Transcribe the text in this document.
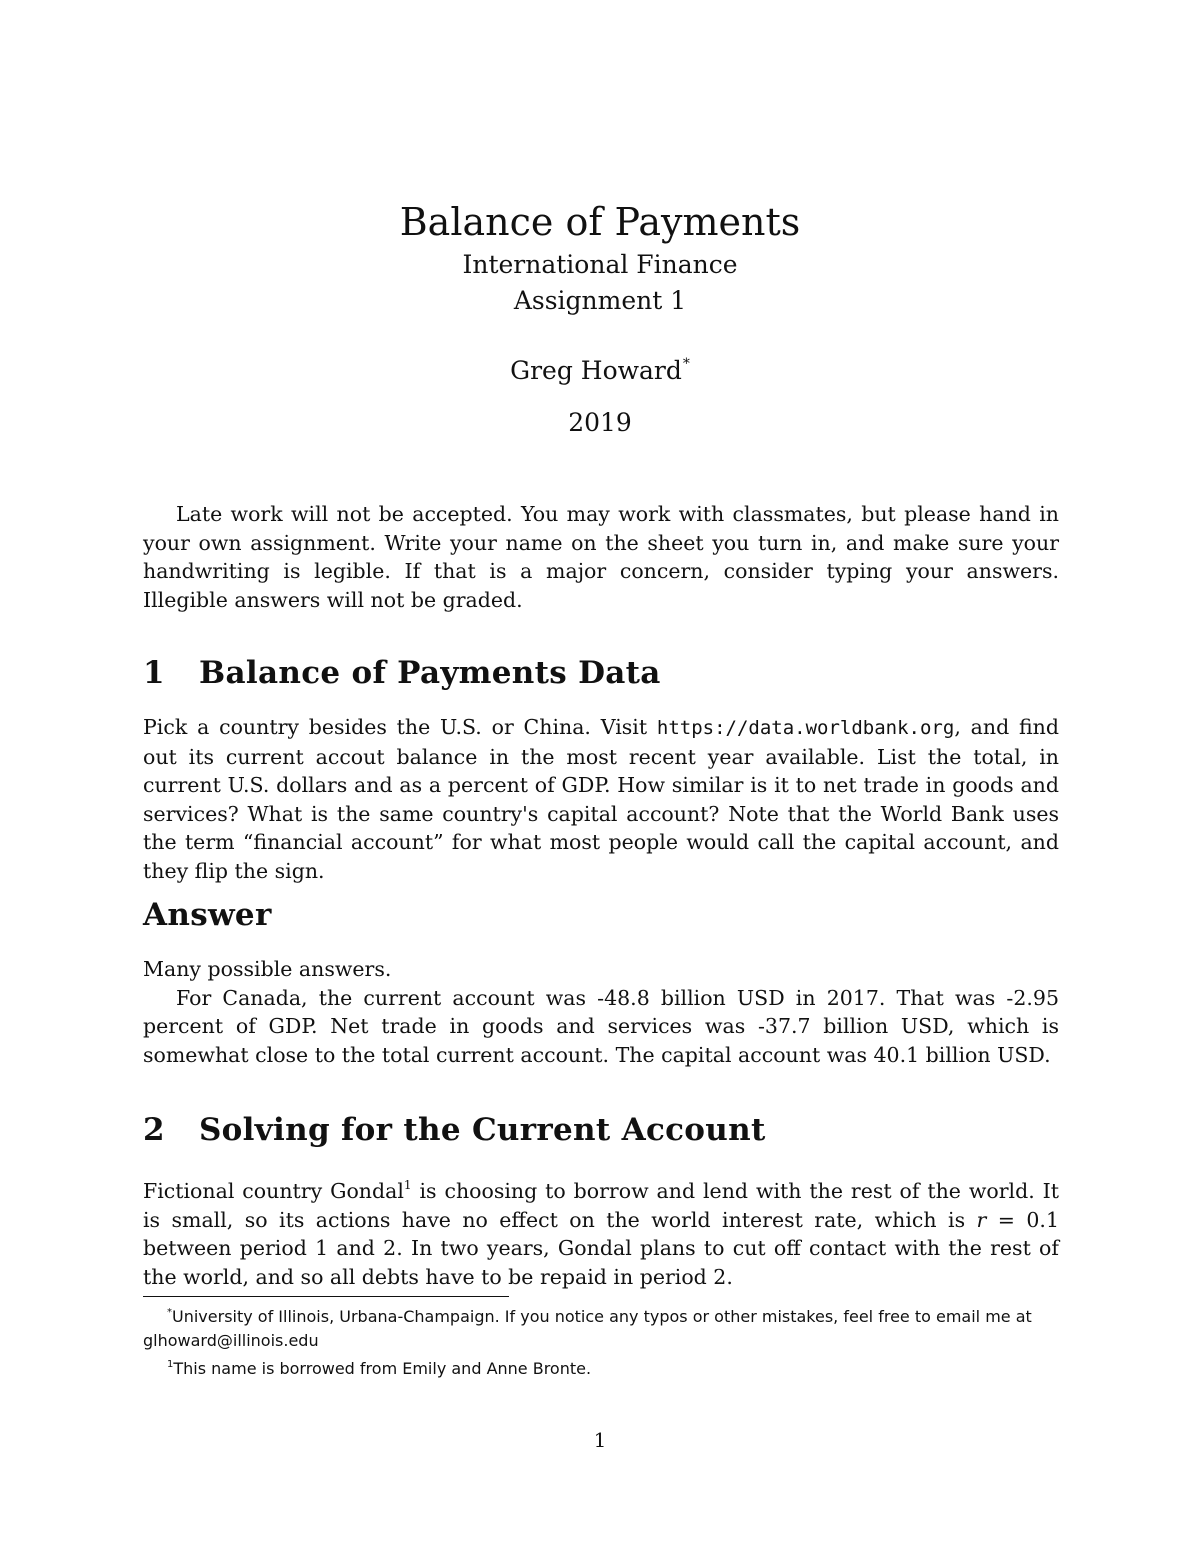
Balance of Payments
International Finance
Assignment 1
Greg Howard*
2019

Late work will not be accepted. You may work with classmates, but please hand in your own assignment. Write your name on the sheet you turn in, and make sure your handwriting is legible. If that is a major concern, consider typing your answers. Illegible answers will not be graded.

1 Balance of Payments Data

Pick a country besides the U.S. or China. Visit https://data.worldbank.org, and find out its current accout balance in the most recent year available. List the total, in current U.S. dollars and as a percent of GDP. How similar is it to net trade in goods and services? What is the same country's capital account? Note that the World Bank uses the term “financial account” for what most people would call the capital account, and they flip the sign.

Answer

Many possible answers.

For Canada, the current account was -48.8 billion USD in 2017. That was -2.95 percent of GDP. Net trade in goods and services was -37.7 billion USD, which is somewhat close to the total current account. The capital account was 40.1 billion USD.

2 Solving for the Current Account

Fictional country Gondal$^1$ is choosing to borrow and lend with the rest of the world. It is small, so its actions have no effect on the world interest rate, which is r = 0.1 between period 1 and 2. In two years, Gondal plans to cut off contact with the rest of the world, and so all debts have to be repaid in period 2.

*University of Illinois, Urbana-Champaign. If you notice any typos or other mistakes, feel free to email me at glhoward@illinois.edu

$^1$This name is borrowed from Emily and Anne Bronte.

1
